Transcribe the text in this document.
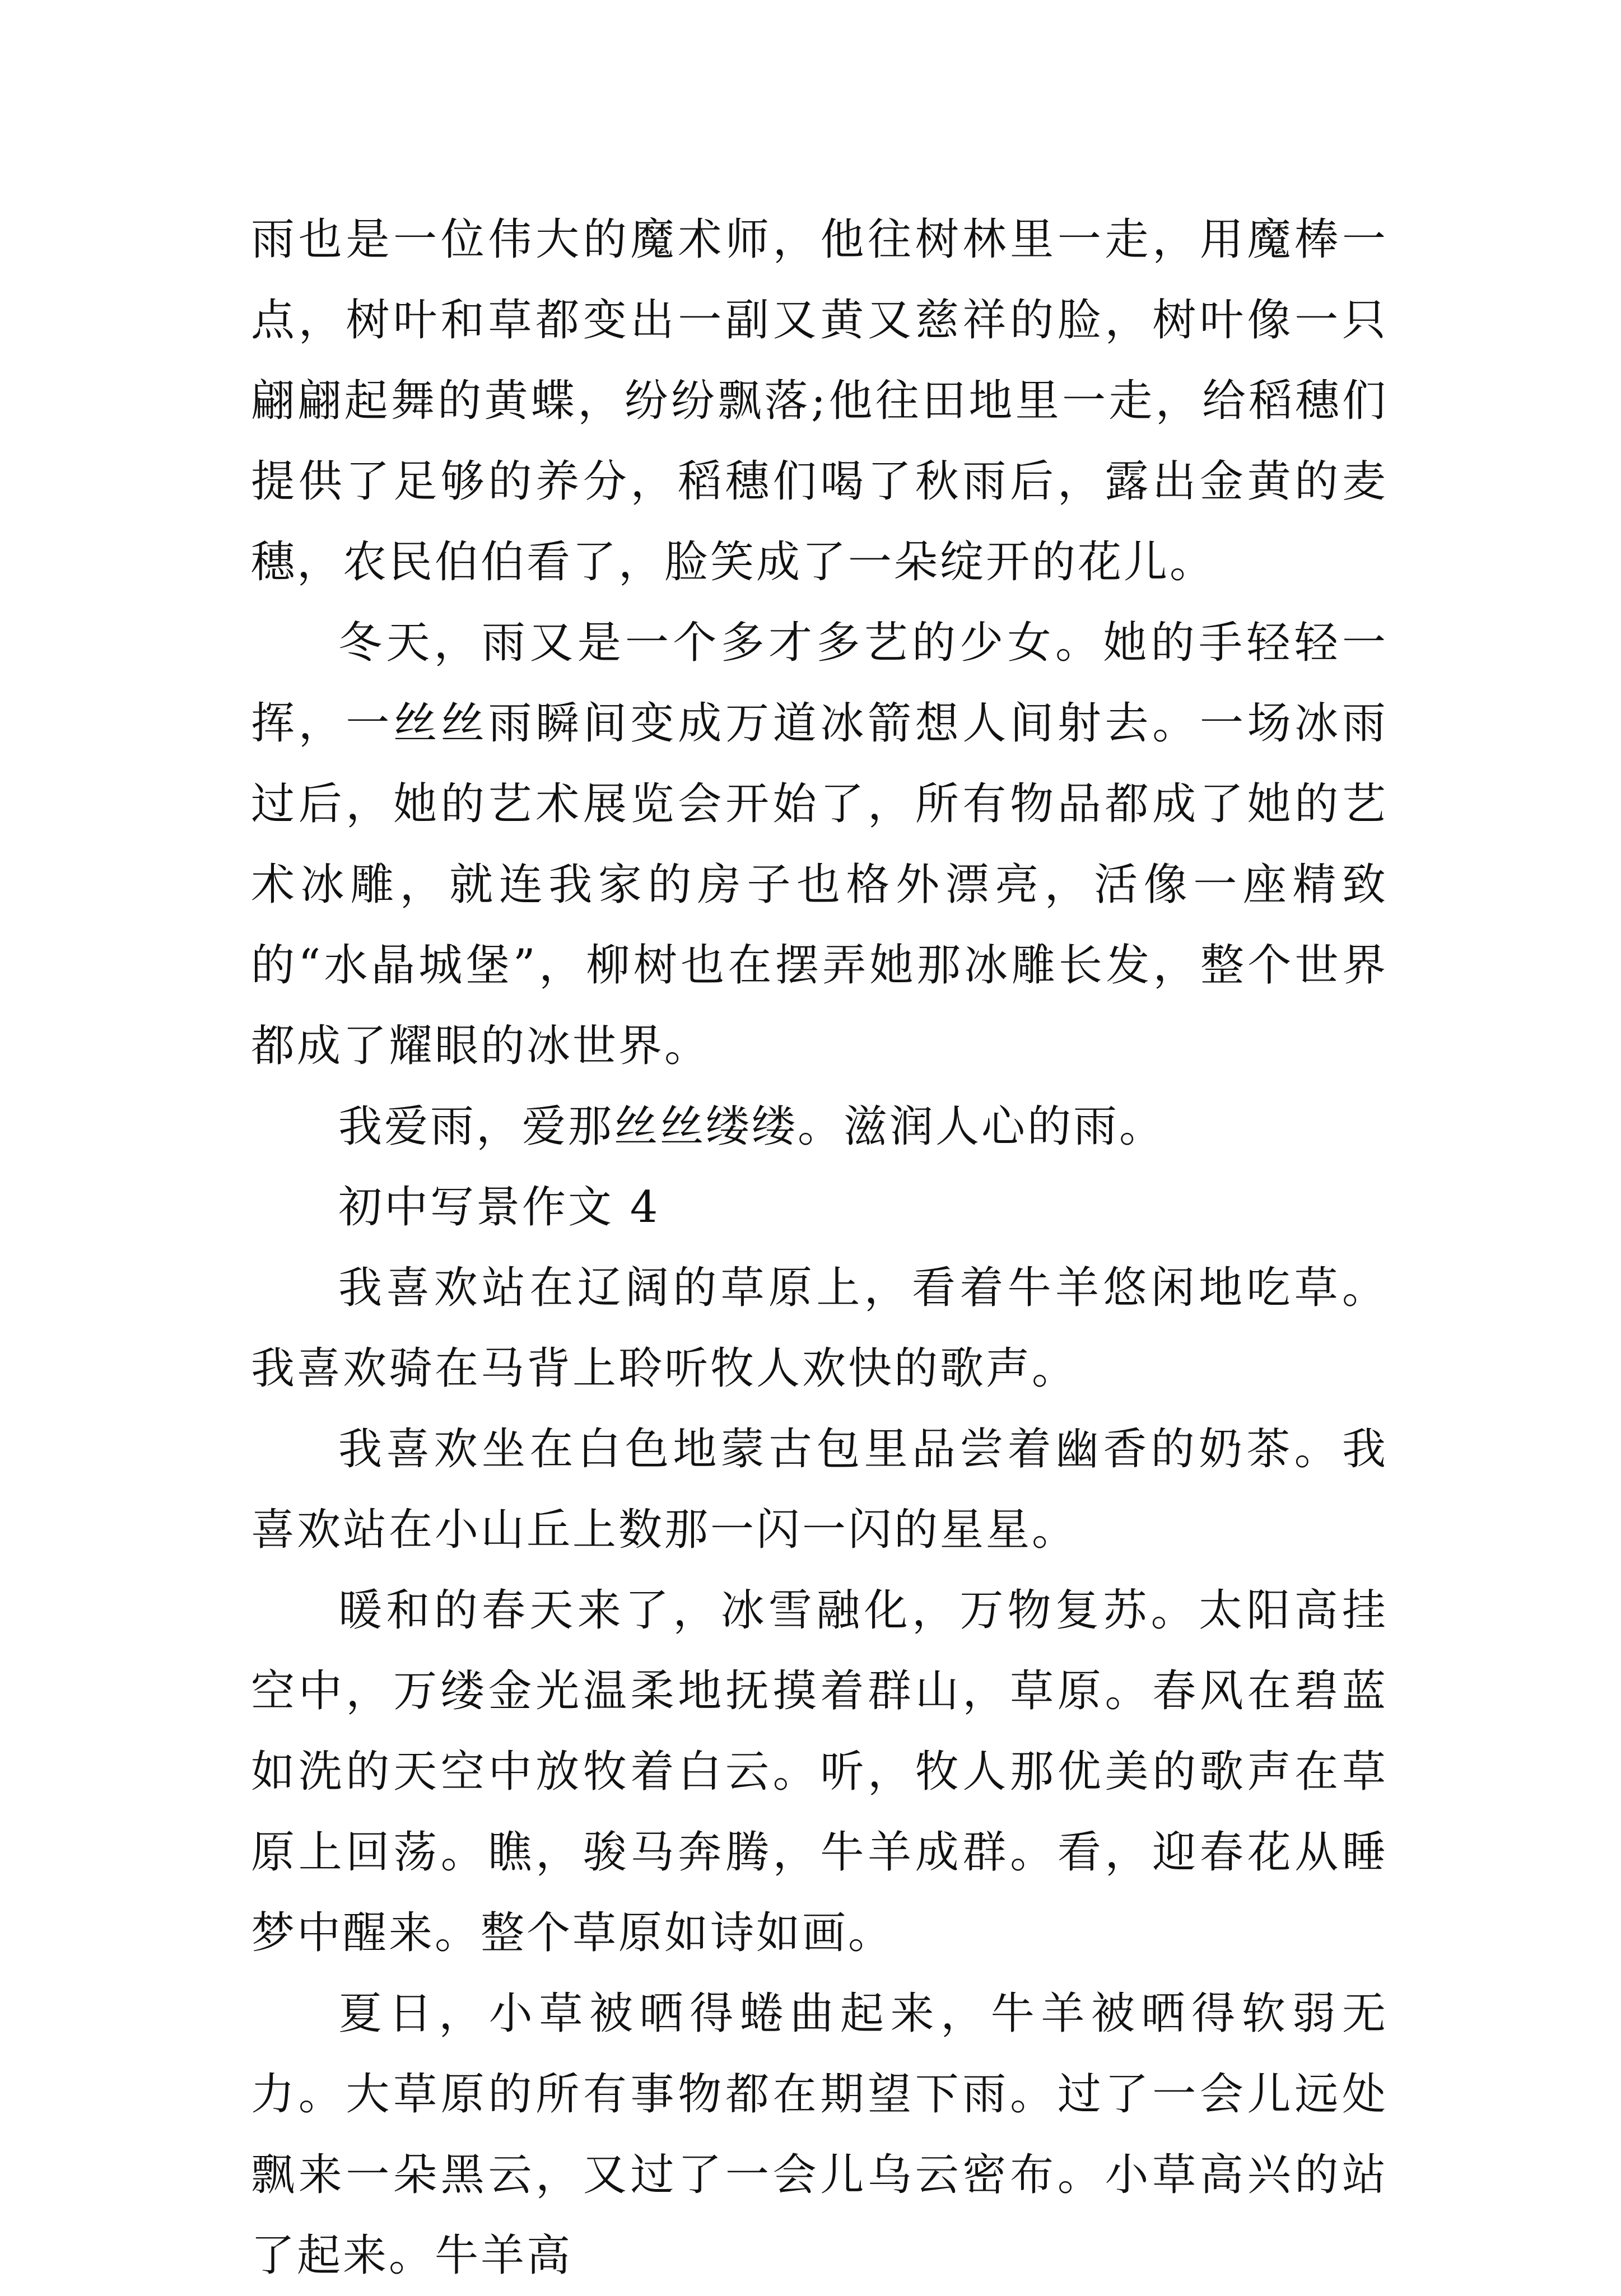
雨也是一位伟大的魔术师，他往树林里一走，用魔棒一点，树叶和草都变出一副又黄又慈祥的脸，树叶像一只翩翩起舞的黄蝶，纷纷飘落;他往田地里一走，给稻穗们提供了足够的养分，稻穗们喝了秋雨后，露出金黄的麦穗，农民伯伯看了，脸笑成了一朵绽开的花儿。

冬天，雨又是一个多才多艺的少女。她的手轻轻一挥，一丝丝雨瞬间变成万道冰箭想人间射去。一场冰雨过后，她的艺术展览会开始了，所有物品都成了她的艺术冰雕，就连我家的房子也格外漂亮，活像一座精致的“水晶城堡”，柳树也在摆弄她那冰雕长发，整个世界都成了耀眼的冰世界。

我爱雨，爱那丝丝缕缕。滋润人心的雨。

初中写景作文 4

我喜欢站在辽阔的草原上，看着牛羊悠闲地吃草。我喜欢骑在马背上聆听牧人欢快的歌声。

我喜欢坐在白色地蒙古包里品尝着幽香的奶茶。我喜欢站在小山丘上数那一闪一闪的星星。

暖和的春天来了，冰雪融化，万物复苏。太阳高挂空中，万缕金光温柔地抚摸着群山，草原。春风在碧蓝如洗的天空中放牧着白云。听，牧人那优美的歌声在草原上回荡。瞧，骏马奔腾，牛羊成群。看，迎春花从睡梦中醒来。整个草原如诗如画。

夏日，小草被晒得蜷曲起来，牛羊被晒得软弱无力。大草原的所有事物都在期望下雨。过了一会儿远处飘来一朵黑云，又过了一会儿乌云密布。小草高兴的站了起来。牛羊高
